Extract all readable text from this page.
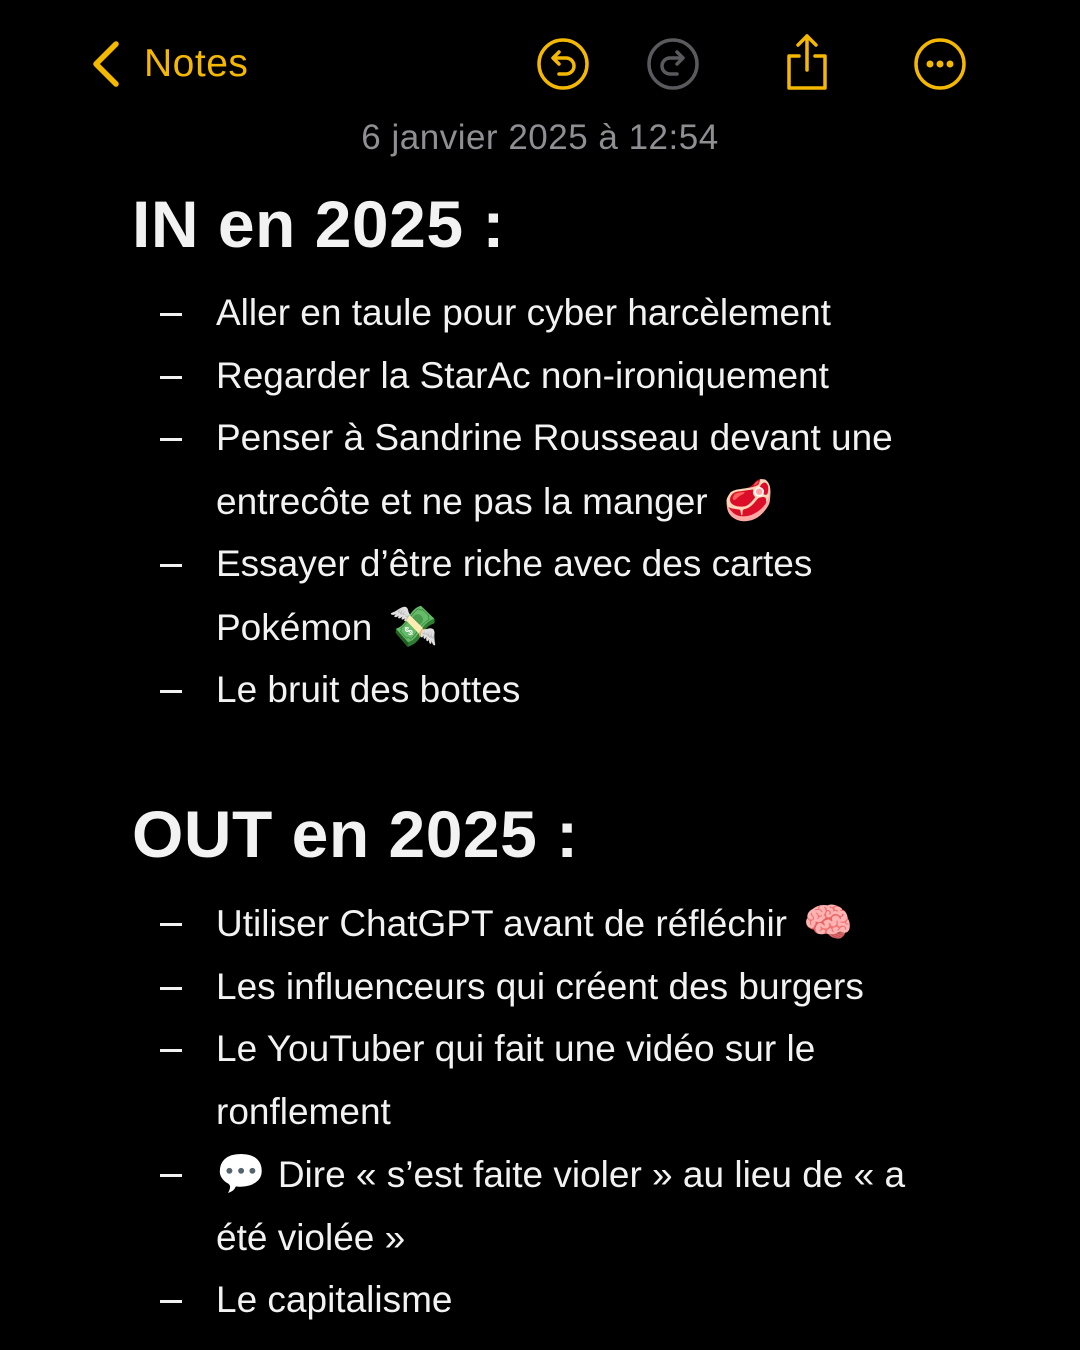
Notes
6 janvier 2025 à 12:54
IN en 2025 :
Aller en taule pour cyber harcèlement
Regarder la StarAc non-ironiquement
Penser à Sandrine Rousseau devant une entrecôte et ne pas la manger 🥩
Essayer d’être riche avec des cartes Pokémon 💸
Le bruit des bottes
OUT en 2025 :
Utiliser ChatGPT avant de réfléchir 🧠
Les influenceurs qui créent des burgers
Le YouTuber qui fait une vidéo sur le ronflement
💬 Dire « s’est faite violer » au lieu de « a été violée »
Le capitalisme
